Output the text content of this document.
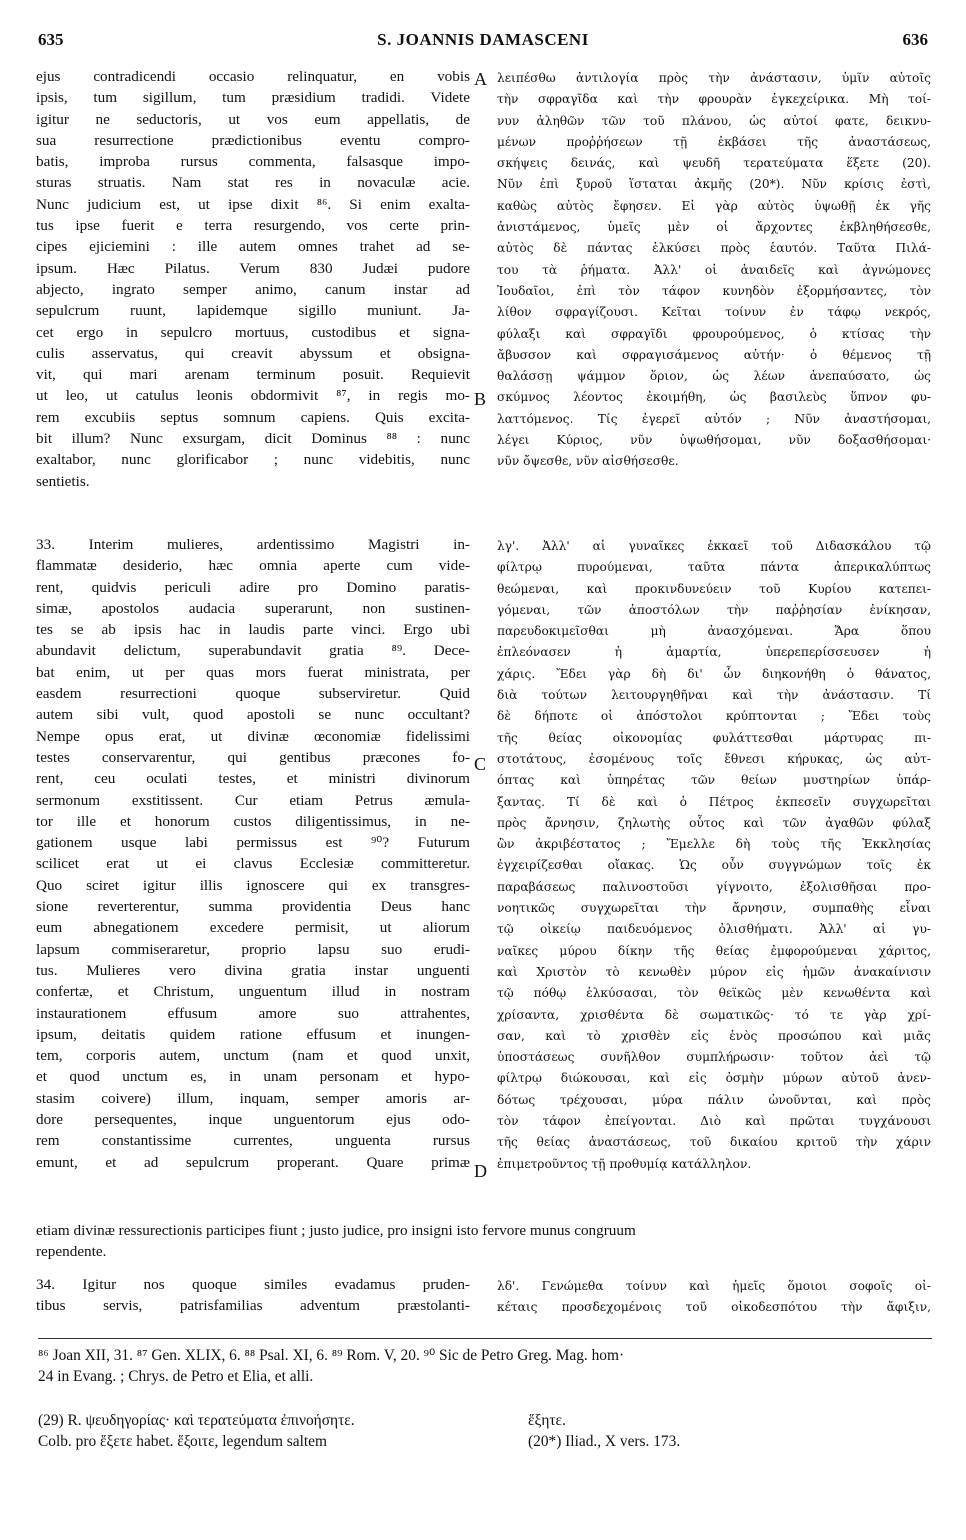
635	S. JOANNIS DAMASCENI	636
ejus contradicendi occasio relinquatur, en vobis
ipsis, tum sigillum, tum præsidium tradidi. Videte
igitur ne seductoris, ut vos eum appellatis, de
sua resurrectione prædictionibus eventu compro-
batis, improba rursus commenta, falsasque impo-
sturas struatis. Nam stat res in novaculæ acie.
Nunc judicium est, ut ipse dixit ⁸⁶. Si enim exalta-
tus ipse fuerit e terra resurgendo, vos certe prin-
cipes ejiciemini : ille autem omnes trahet ad se-
ipsum. Hæc Pilatus. Verum 830 Judæi pudore
abjecto, ingrato semper animo, canum instar ad
sepulcrum ruunt, lapidemque sigillo muniunt. Ja-
cet ergo in sepulcro mortuus, custodibus et signa-
culis asservatus, qui creavit abyssum et obsigna-
vit, qui mari arenam terminum posuit. Requievit
ut leo, ut catulus leonis obdormivit ⁸⁷, in regis mo-
rem excubiis septus somnum capiens. Quis excita-
bit illum? Nunc exsurgam, dicit Dominus ⁸⁸ : nunc
exaltabor, nunc glorificabor ; nunc videbitis, nunc
sentietis.
33. Interim mulieres, ardentissimo Magistri in-
flammatæ desiderio, hæc omnia aperte cum vide-
rent, quidvis periculi adire pro Domino paratis-
simæ, apostolos audacia superarunt, non sustinen-
tes se ab ipsis hac in laudis parte vinci. Ergo ubi
abundavit delictum, superabundavit gratia ⁸⁹. Dece-
bat enim, ut per quas mors fuerat ministrata, per
easdem resurrectioni quoque subserviretur. Quid
autem sibi vult, quod apostoli se nunc occultant?
Nempe opus erat, ut divinæ œconomiæ fidelissimi
testes conservarentur, qui gentibus præcones fo-
rent, ceu oculati testes, et ministri divinorum
sermonum exstitissent. Cur etiam Petrus æmula-
tor ille et honorum custos diligentissimus, in ne-
gationem usque labi permissus est ⁹⁰? Futurum
scilicet erat ut ei clavus Ecclesiæ committeretur.
Quo sciret igitur illis ignoscere qui ex transgres-
sione reverterentur, summa providentia Deus hanc
eum abnegationem excedere permisit, ut aliorum
lapsum commiseraretur, proprio lapsu suo erudi-
tus. Mulieres vero divina gratia instar unguenti
confertæ, et Christum, unguentum illud in nostram
instaurationem effusum amore suo attrahentes,
ipsum, deitatis quidem ratione effusum et inungen-
tem, corporis autem, unctum (nam et quod unxit,
et quod unctum es, in unam personam et hypo-
stasim coivere) illum, inquam, semper amoris ar-
dore persequentes, inque unguentorum ejus odo-
rem constantissime currentes, unguenta rursus
emunt, et ad sepulcrum properant. Quare primæ
etiam divinæ ressurectionis participes fiunt ; justo judice, pro insigni isto fervore munus congruum
rependente.
34. Igitur nos quoque similes evadamus pruden-
tibus servis, patrisfamilias adventum præstolanti-
λειπέσθω ἀντιλογία πρὸς τὴν ἀνάστασιν, ὑμῖν αὐτοῖς
τὴν σφραγῖδα καὶ τὴν φρουρὰν ἐγκεχείρικα. Μὴ τοί-
νυν ἀληθῶν τῶν τοῦ πλάνου, ὡς αὐτοί φατε, δεικνυ-
μένων προῤῥήσεων τῇ ἐκβάσει τῆς ἀναστάσεως,
σκήψεις δεινάς, καὶ ψευδῆ τερατεύματα ἕξετε (20).
Νῦν ἐπὶ ξυροῦ ἵσταται ἀκμῆς (20*). Νῦν κρίσις ἐστὶ,
καθὼς αὐτὸς ἔφησεν. Εἰ γὰρ αὐτὸς ὑψωθῇ ἐκ γῆς
ἀνιστάμενος, ὑμεῖς μὲν οἱ ἄρχοντες ἐκβληθήσεσθε,
αὐτὸς δὲ πάντας ἑλκύσει πρὸς ἑαυτόν. Ταῦτα Πιλά-
του τὰ ῥήματα. Ἀλλ' οἱ ἀναιδεῖς καὶ ἀγνώμονες
Ἰουδαῖοι, ἐπὶ τὸν τάφον κυνηδὸν ἐξορμήσαντες, τὸν
λίθον σφραγίζουσι. Κεῖται τοίνυν ἐν τάφῳ νεκρός,
φύλαξι καὶ σφραγῖδι φρουρούμενος, ὁ κτίσας τὴν
ἄβυσσον καὶ σφραγισάμενος αὐτήν· ὁ θέμενος τῇ
θαλάσσῃ ψάμμον ὅριον, ὡς λέων ἀνεπαύσατο, ὡς
σκύμνος λέοντος ἐκοιμήθη, ὡς βασιλεὺς ὕπνον φυ-
λαττόμενος. Τίς ἐγερεῖ αὐτόν ; Νῦν ἀναστήσομαι,
λέγει Κύριος, νῦν ὑψωθήσομαι, νῦν δοξασθήσομαι·
νῦν ὄψεσθε, νῦν αἰσθήσεσθε.
λγ'. Ἀλλ' αἱ γυναῖκες ἐκκαεῖ τοῦ Διδασκάλου τῷ
φίλτρῳ πυρούμεναι, ταῦτα πάντα ἀπερικαλύπτως
θεώμεναι, καὶ προκινδυνεύειν τοῦ Κυρίου κατεπει-
γόμεναι, τῶν ἀποστόλων τὴν παῤῥησίαν ἐνίκησαν,
παρευδοκιμεῖσθαι μὴ ἀνασχόμεναι. Ἄρα ὅπου
ἐπλεόνασεν ἡ ἁμαρτία, ὑπερεπερίσσευσεν ἡ
χάρις. Ἔδει γὰρ δὴ δι' ὧν διηκονήθη ὁ θάνατος,
διὰ τούτων λειτουργηθῆναι καὶ τὴν ἀνάστασιν. Τί
δὲ δήποτε οἱ ἀπόστολοι κρύπτονται ; Ἔδει τοὺς
τῆς θείας οἰκονομίας φυλάττεσθαι μάρτυρας πι-
στοτάτους, ἐσομένους τοῖς ἔθνεσι κήρυκας, ὡς αὐτ-
όπτας καὶ ὑπηρέτας τῶν θείων μυστηρίων ὑπάρ-
ξαντας. Τί δὲ καὶ ὁ Πέτρος ἐκπεσεῖν συγχωρεῖται
πρὸς ἄρνησιν, ζηλωτὴς οὗτος καὶ τῶν ἀγαθῶν φύλαξ
ὢν ἀκριβέστατος ; Ἔμελλε δὴ τοὺς τῆς Ἐκκλησίας
ἐγχειρίζεσθαι οἴακας. Ὡς οὖν συγγνώμων τοῖς ἐκ
παραβάσεως παλινοστοῦσι γίγνοιτο, ἐξολισθῆσαι προ-
νοητικῶς συγχωρεῖται τὴν ἄρνησιν, συμπαθὴς εἶναι
τῷ οἰκείῳ παιδευόμενος ὀλισθήματι. Ἀλλ' αἱ γυ-
ναῖκες μύρου δίκην τῆς θείας ἐμφορούμεναι χάριτος,
καὶ Χριστὸν τὸ κενωθὲν μύρον εἰς ἡμῶν ἀνακαίνισιν
τῷ πόθῳ ἑλκύσασαι, τὸν θεϊκῶς μὲν κενωθέντα καὶ
χρίσαντα, χρισθέντα δὲ σωματικῶς· τό τε γὰρ χρί-
σαν, καὶ τὸ χρισθὲν εἰς ἑνὸς προσώπου καὶ μιᾶς
ὑποστάσεως συνῆλθον συμπλήρωσιν· τοῦτον ἀεὶ τῷ
φίλτρῳ διώκουσαι, καὶ εἰς ὀσμὴν μύρων αὐτοῦ ἀνεν-
δότως τρέχουσαι, μύρα πάλιν ὠνοῦνται, καὶ πρὸς
τὸν τάφον ἐπείγονται. Διὸ καὶ πρῶται τυγχάνουσι
τῆς θείας ἀναστάσεως, τοῦ δικαίου κριτοῦ τὴν χάριν
ἐπιμετροῦντος τῇ προθυμίᾳ κατάλληλον.
λδ'. Γενώμεθα τοίνυν καὶ ἡμεῖς ὅμοιοι σοφοῖς οἰ-
κέταις προσδεχομένοις τοῦ οἰκοδεσπότου τὴν ἄφιξιν,
A
B
C
D
⁸⁶ Joan XII, 31. ⁸⁷ Gen. XLIX, 6. ⁸⁸ Psal. XI, 6. ⁸⁹ Rom. V, 20. ⁹⁰ Sic de Petro Greg. Mag. hom·
24 in Evang. ; Chrys. de Petro et Elia, et alli.
(29) R. ψευδηγορίας· καὶ τερατεύματα ἐπινοήσητε.
Colb. pro ἕξετε habet. ἕξοιτε, legendum saltem
ἕξητε.
(20*) Iliad., X vers. 173.
